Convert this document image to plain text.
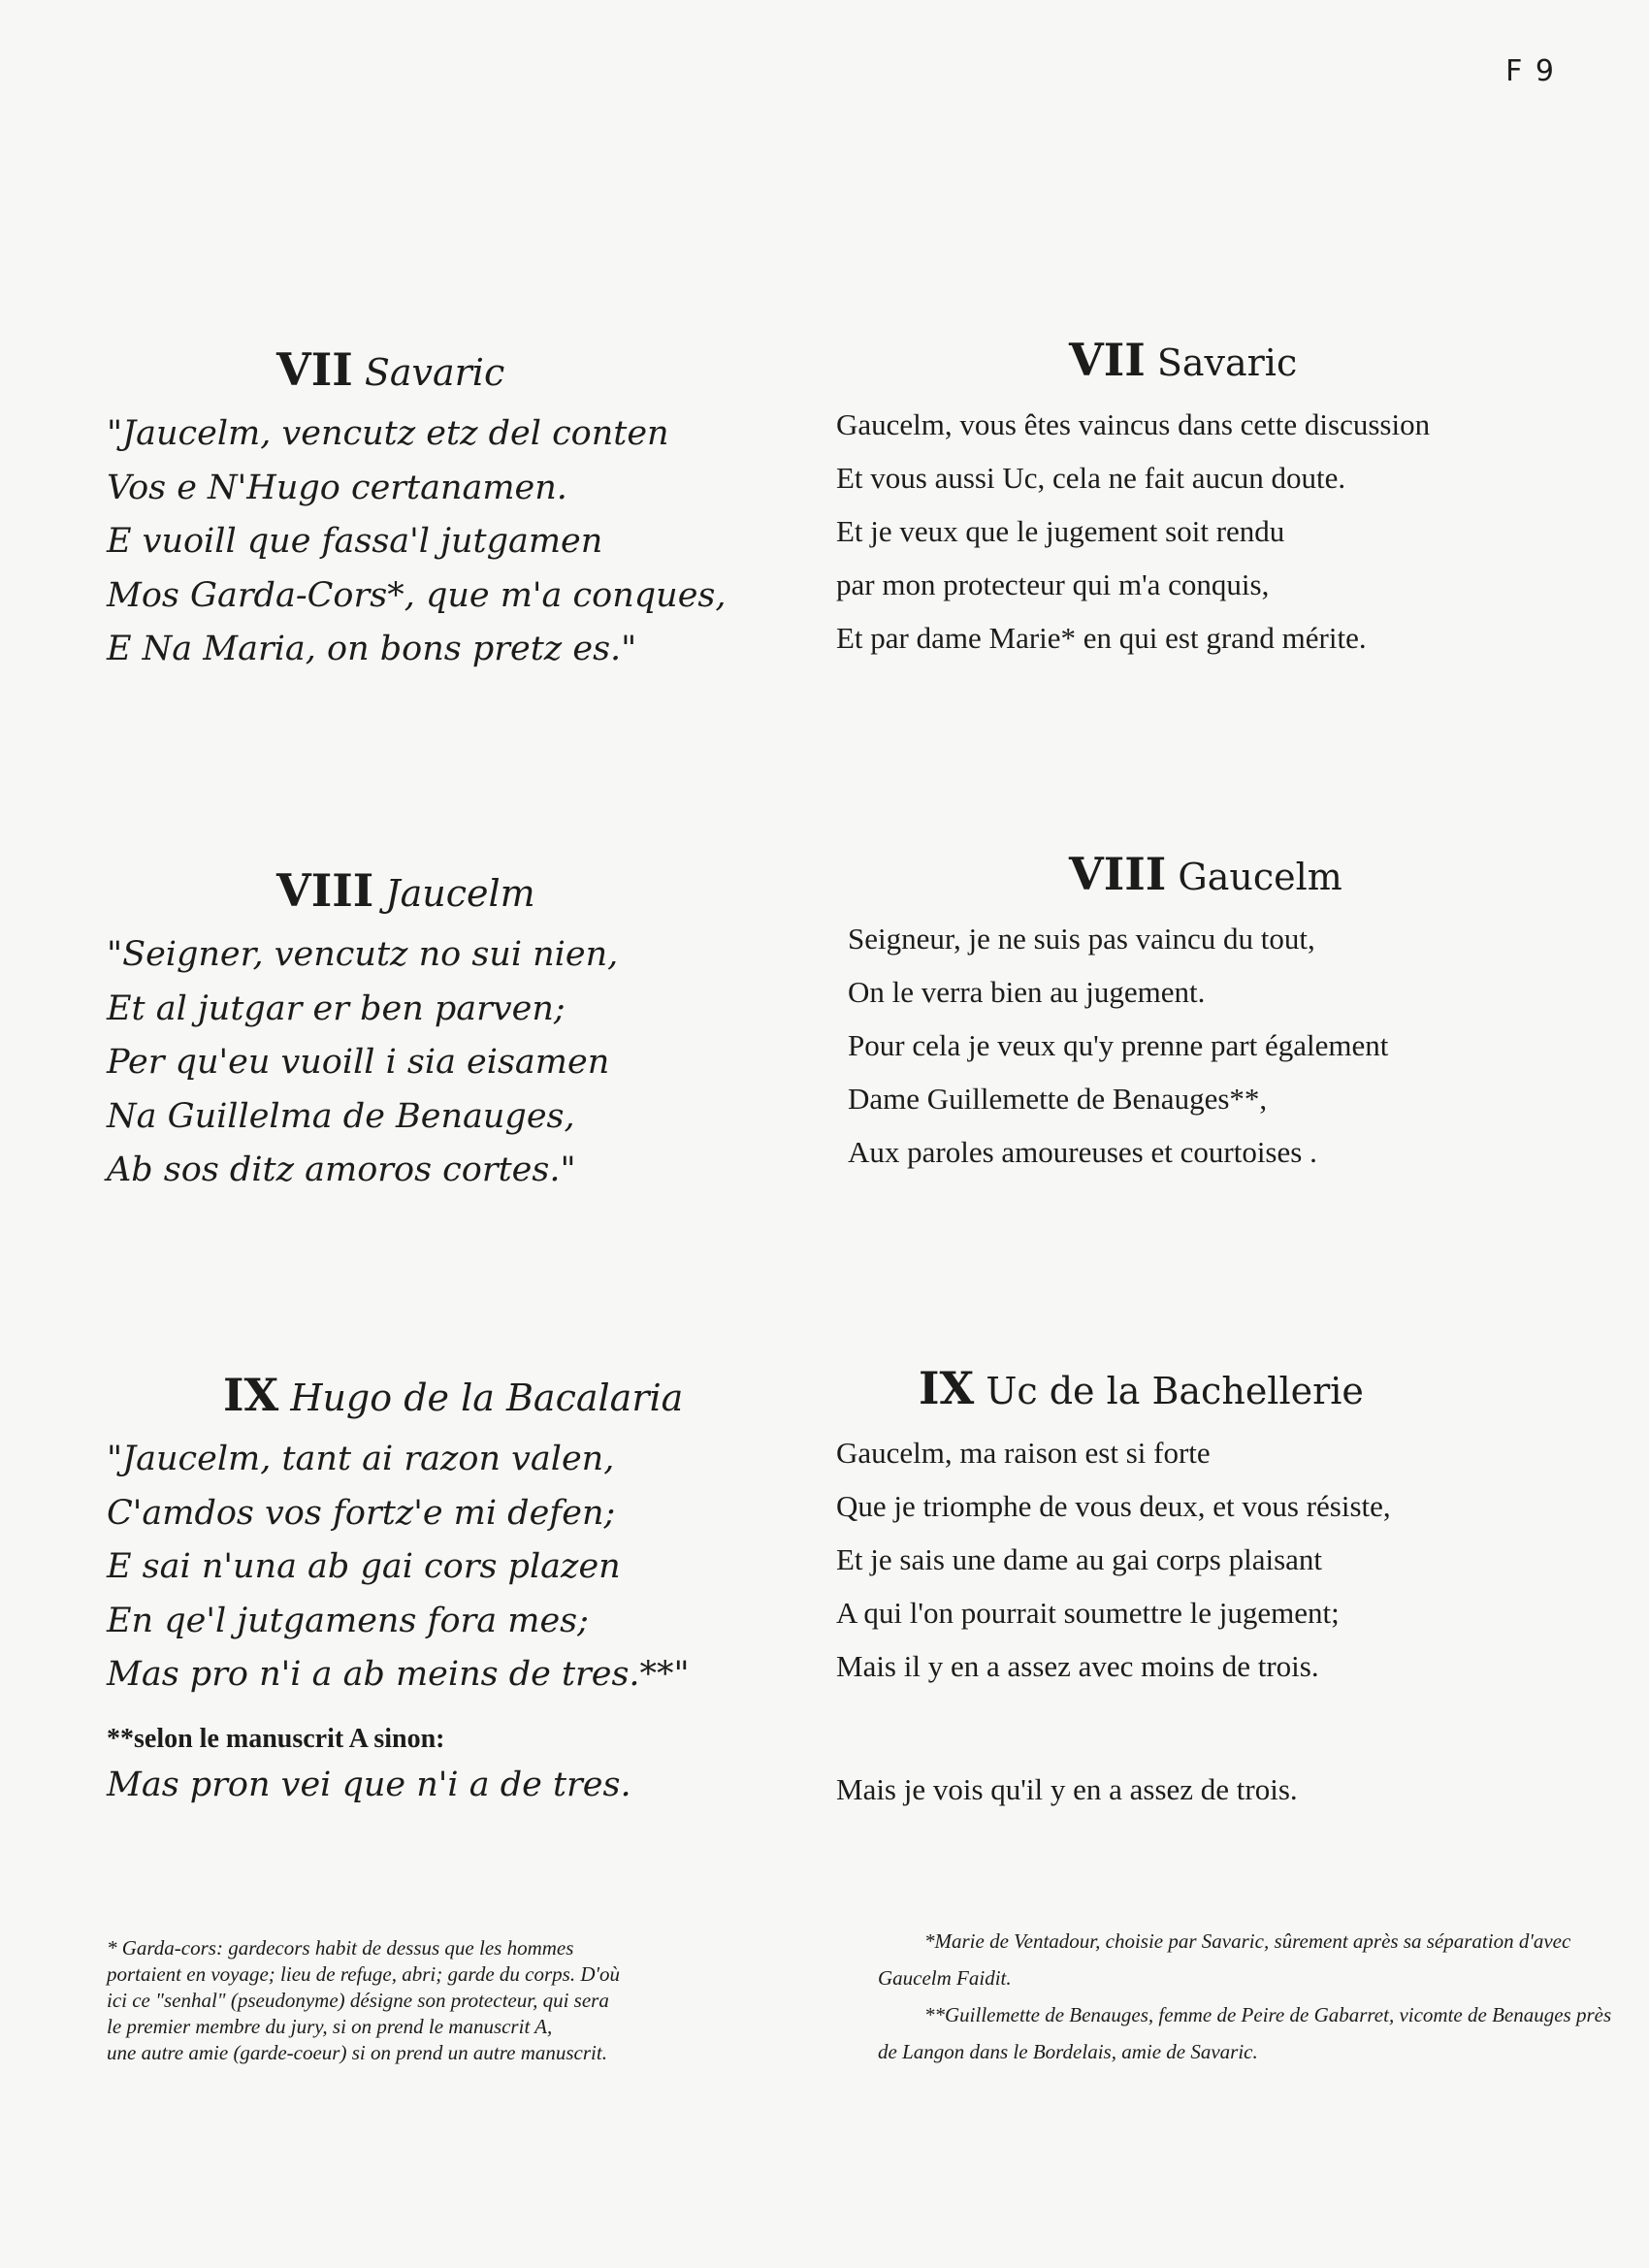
F 9
VII Savaric
"Jaucelm, vencutz etz del conten
Vos e N'Hugo certanamen.
E vuoill que fassa'l jutgamen
Mos Garda-Cors*, que m'a conques,
E Na Maria, on bons pretz es."
VIII Jaucelm
"Seigner, vencutz no sui nien,
Et al jutgar er ben parven;
Per qu'eu vuoill i sia eisamen
Na Guillelma de Benauges,
Ab sos ditz amoros cortes."
IX Hugo de la Bacalaria
"Jaucelm, tant ai razon valen,
C'amdos vos fortz'e mi defen;
E sai n'una ab gai cors plazen
En qe'l jutgamens fora mes;
Mas pro n'i a ab meins de tres.**"
**selon le manuscrit A sinon:
Mas pron vei que n'i a de tres.
VII Savaric
Gaucelm, vous êtes vaincus dans cette discussion
Et vous aussi Uc, cela ne fait aucun doute.
Et je veux que le jugement soit rendu
par mon protecteur qui m'a conquis,
Et par dame Marie* en qui est grand mérite.
VIII Gaucelm
Seigneur, je ne suis pas vaincu du tout,
On le verra bien au jugement.
Pour cela je veux qu'y prenne part également
Dame Guillemette de Benauges**,
Aux paroles amoureuses et courtoises .
IX Uc de la Bachellerie
Gaucelm, ma raison est si forte
Que je triomphe de vous deux, et vous résiste,
Et je sais une dame au gai corps plaisant
A qui l'on pourrait soumettre le jugement;
Mais il y en a assez avec moins de trois.
Mais je vois qu'il y en a assez de trois.
* Garda-cors: gardecors habit de dessus que les hommes
portaient en voyage; lieu de refuge, abri; garde du corps. D'où
ici ce "senhal" (pseudonyme) désigne son protecteur, qui sera
le premier membre du jury, si on prend le manuscrit A,
une autre amie (garde-coeur) si on prend un autre manuscrit.

*Marie de Ventadour, choisie par Savaric, sûrement après sa séparation d'avec Gaucelm Faidit.

**Guillemette de Benauges, femme de Peire de Gabarret, vicomte de Benauges près de Langon dans le Bordelais, amie de Savaric.
